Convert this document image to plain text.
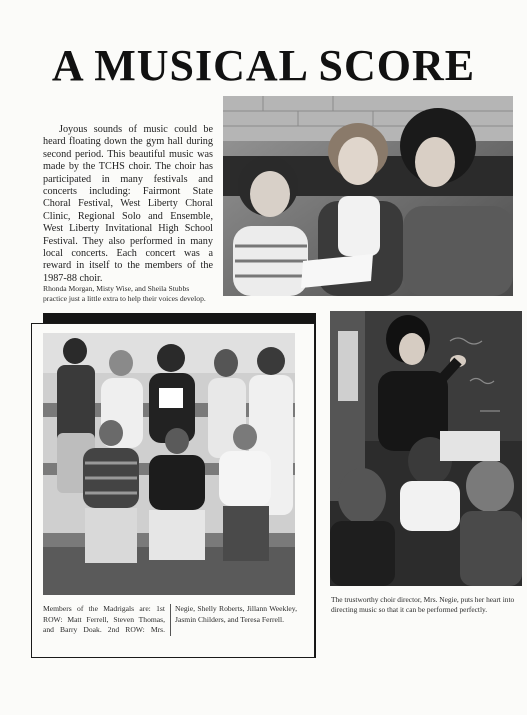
A MUSICAL SCORE

Joyous sounds of music could be heard floating down the gym hall during second period. This beautiful music was made by the TCHS choir. The choir has participated in many festivals and concerts including: Fairmont State Choral Festival, West Liberty Choral Clinic, Regional Solo and Ensemble, West Liberty Invitational High School Festival. They also performed in many local concerts. Each concert was a reward in itself to the members of the 1987-88 choir.

Rhonda Morgan, Misty Wise, and Sheila Stubbs practice just a little extra to help their voices develop.

Members of the Madrigals are: 1st ROW: Matt Ferrell, Steven Thomas, and Barry Doak. 2nd ROW: Mrs. Negie, Shelly Roberts, Jillann Weekley, Jasmin Childers, and Teresa Ferrell.

The trustworthy choir director, Mrs. Negie, puts her heart into directing music so that it can be performed perfectly.
